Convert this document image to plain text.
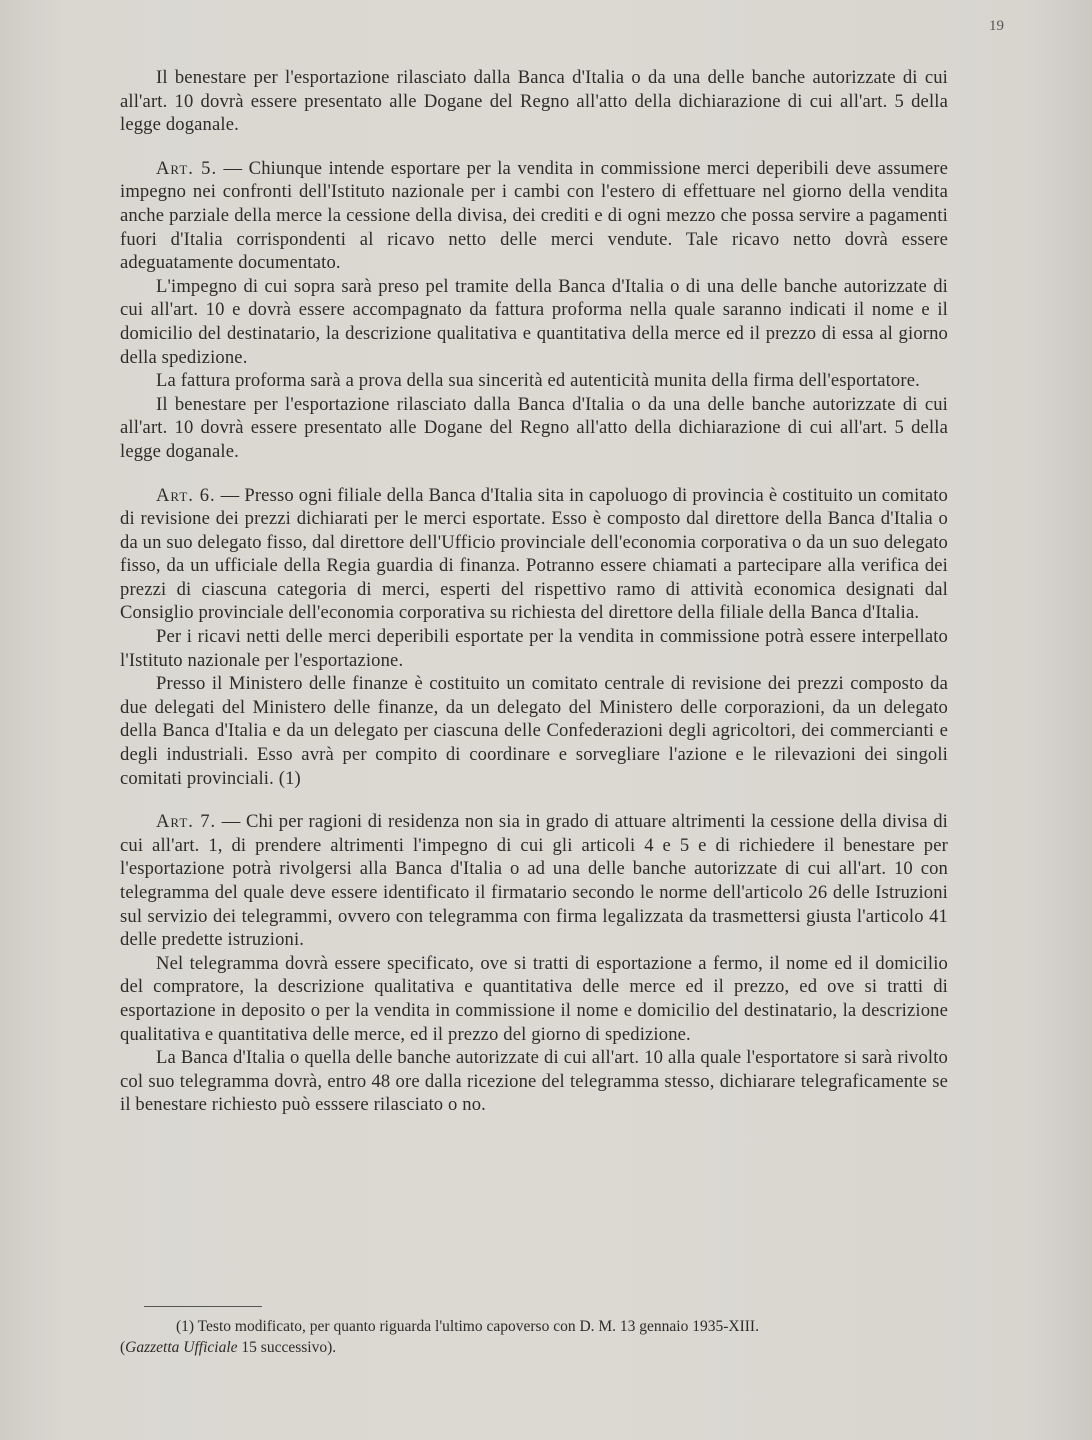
19

Il benestare per l'esportazione rilasciato dalla Banca d'Italia o da una delle banche autorizzate di cui all'art. 10 dovrà essere presentato alle Dogane del Regno all'atto della dichiarazione di cui all'art. 5 della legge doganale.

Art. 5. — Chiunque intende esportare per la vendita in commissione merci deperibili deve assumere impegno nei confronti dell'Istituto nazionale per i cambi con l'estero di effettuare nel giorno della vendita anche parziale della merce la cessione della divisa, dei crediti e di ogni mezzo che possa servire a pagamenti fuori d'Italia corrispondenti al ricavo netto delle merci vendute. Tale ricavo netto dovrà essere adeguatamente documentato.

L'impegno di cui sopra sarà preso pel tramite della Banca d'Italia o di una delle banche autorizzate di cui all'art. 10 e dovrà essere accompagnato da fattura proforma nella quale saranno indicati il nome e il domicilio del destinatario, la descrizione qualitativa e quantitativa della merce ed il prezzo di essa al giorno della spedizione.

La fattura proforma sarà a prova della sua sincerità ed autenticità munita della firma dell'esportatore.

Il benestare per l'esportazione rilasciato dalla Banca d'Italia o da una delle banche autorizzate di cui all'art. 10 dovrà essere presentato alle Dogane del Regno all'atto della dichiarazione di cui all'art. 5 della legge doganale.

Art. 6. — Presso ogni filiale della Banca d'Italia sita in capoluogo di provincia è costituito un comitato di revisione dei prezzi dichiarati per le merci esportate. Esso è composto dal direttore della Banca d'Italia o da un suo delegato fisso, dal direttore dell'Ufficio provinciale dell'economia corporativa o da un suo delegato fisso, da un ufficiale della Regia guardia di finanza. Potranno essere chiamati a partecipare alla verifica dei prezzi di ciascuna categoria di merci, esperti del rispettivo ramo di attività economica designati dal Consiglio provinciale dell'economia corporativa su richiesta del direttore della filiale della Banca d'Italia.

Per i ricavi netti delle merci deperibili esportate per la vendita in commissione potrà essere interpellato l'Istituto nazionale per l'esportazione.

Presso il Ministero delle finanze è costituito un comitato centrale di revisione dei prezzi composto da due delegati del Ministero delle finanze, da un delegato del Ministero delle corporazioni, da un delegato della Banca d'Italia e da un delegato per ciascuna delle Confederazioni degli agricoltori, dei commercianti e degli industriali. Esso avrà per compito di coordinare e sorvegliare l'azione e le rilevazioni dei singoli comitati provinciali. (1)

Art. 7. — Chi per ragioni di residenza non sia in grado di attuare altrimenti la cessione della divisa di cui all'art. 1, di prendere altrimenti l'impegno di cui gli articoli 4 e 5 e di richiedere il benestare per l'esportazione potrà rivolgersi alla Banca d'Italia o ad una delle banche autorizzate di cui all'art. 10 con telegramma del quale deve essere identificato il firmatario secondo le norme dell'articolo 26 delle Istruzioni sul servizio dei telegrammi, ovvero con telegramma con firma legalizzata da trasmettersi giusta l'articolo 41 delle predette istruzioni.

Nel telegramma dovrà essere specificato, ove si tratti di esportazione a fermo, il nome ed il domicilio del compratore, la descrizione qualitativa e quantitativa delle merce ed il prezzo, ed ove si tratti di esportazione in deposito o per la vendita in commissione il nome e domicilio del destinatario, la descrizione qualitativa e quantitativa delle merce, ed il prezzo del giorno di spedizione.

La Banca d'Italia o quella delle banche autorizzate di cui all'art. 10 alla quale l'esportatore si sarà rivolto col suo telegramma dovrà, entro 48 ore dalla ricezione del telegramma stesso, dichiarare telegraficamente se il benestare richiesto può esssere rilasciato o no.

(1) Testo modificato, per quanto riguarda l'ultimo capoverso con D. M. 13 gennaio 1935-XIII.
(Gazzetta Ufficiale 15 successivo).
